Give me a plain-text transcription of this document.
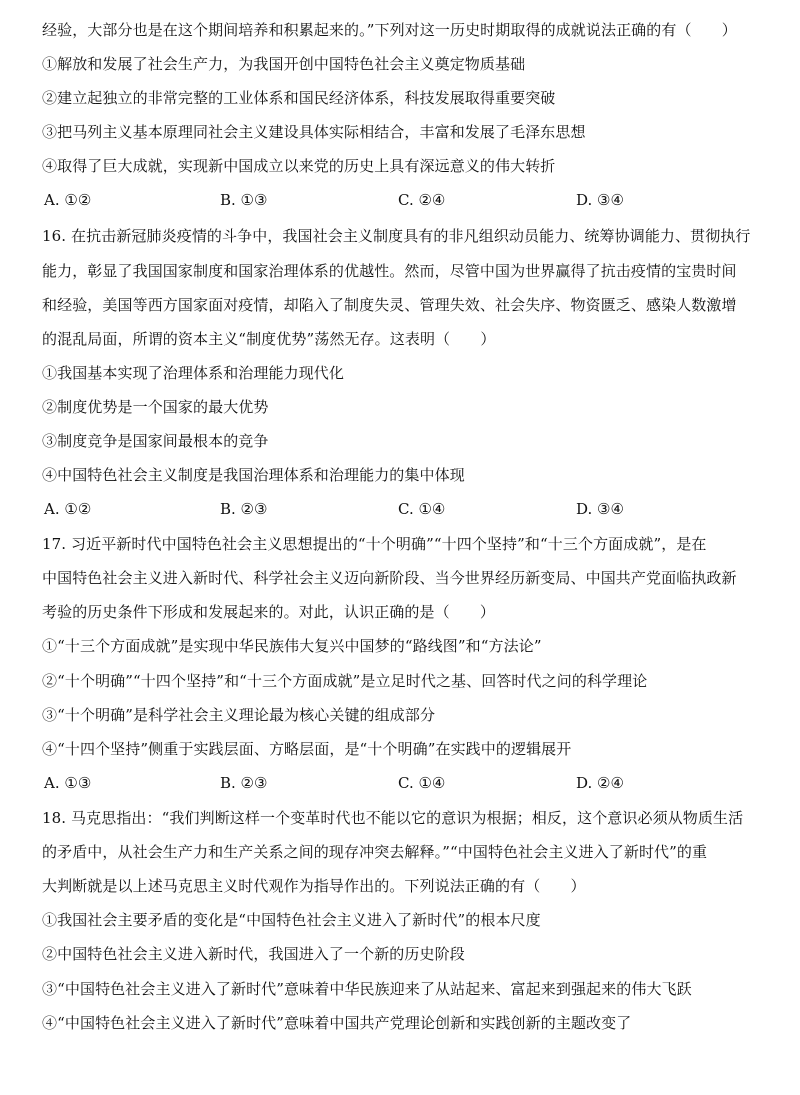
经验，大部分也是在这个期间培养和积累起来的。”下列对这一历史时期取得的成就说法正确的有（　　）
①解放和发展了社会生产力，为我国开创中国特色社会主义奠定物质基础
②建立起独立的非常完整的工业体系和国民经济体系，科技发展取得重要突破
③把马列主义基本原理同社会主义建设具体实际相结合，丰富和发展了毛泽东思想
④取得了巨大成就，实现新中国成立以来党的历史上具有深远意义的伟大转折
A. ①②	B. ①③	C. ②④	D. ③④
16. 在抗击新冠肺炎疫情的斗争中，我国社会主义制度具有的非凡组织动员能力、统筹协调能力、贯彻执行
能力，彰显了我国国家制度和国家治理体系的优越性。然而，尽管中国为世界赢得了抗击疫情的宝贵时间
和经验，美国等西方国家面对疫情，却陷入了制度失灵、管理失效、社会失序、物资匮乏、感染人数激增
的混乱局面，所谓的资本主义“制度优势”荡然无存。这表明（　　）
①我国基本实现了治理体系和治理能力现代化
②制度优势是一个国家的最大优势
③制度竞争是国家间最根本的竞争
④中国特色社会主义制度是我国治理体系和治理能力的集中体现
A. ①②	B. ②③	C. ①④	D. ③④
17. 习近平新时代中国特色社会主义思想提出的“十个明确”“十四个坚持”和“十三个方面成就”，是在
中国特色社会主义进入新时代、科学社会主义迈向新阶段、当今世界经历新变局、中国共产党面临执政新
考验的历史条件下形成和发展起来的。对此，认识正确的是（　　）
①“十三个方面成就”是实现中华民族伟大复兴中国梦的“路线图”和“方法论”
②“十个明确”“十四个坚持”和“十三个方面成就”是立足时代之基、回答时代之问的科学理论
③“十个明确”是科学社会主义理论最为核心关键的组成部分
④“十四个坚持”侧重于实践层面、方略层面，是“十个明确”在实践中的逻辑展开
A. ①③	B. ②③	C. ①④	D. ②④
18. 马克思指出：“我们判断这样一个变革时代也不能以它的意识为根据；相反，这个意识必须从物质生活
的矛盾中，从社会生产力和生产关系之间的现存冲突去解释。”“中国特色社会主义进入了新时代”的重
大判断就是以上述马克思主义时代观作为指导作出的。下列说法正确的有（　　）
①我国社会主要矛盾的变化是“中国特色社会主义进入了新时代”的根本尺度
②中国特色社会主义进入新时代，我国进入了一个新的历史阶段
③“中国特色社会主义进入了新时代”意味着中华民族迎来了从站起来、富起来到强起来的伟大飞跃
④“中国特色社会主义进入了新时代”意味着中国共产党理论创新和实践创新的主题改变了
